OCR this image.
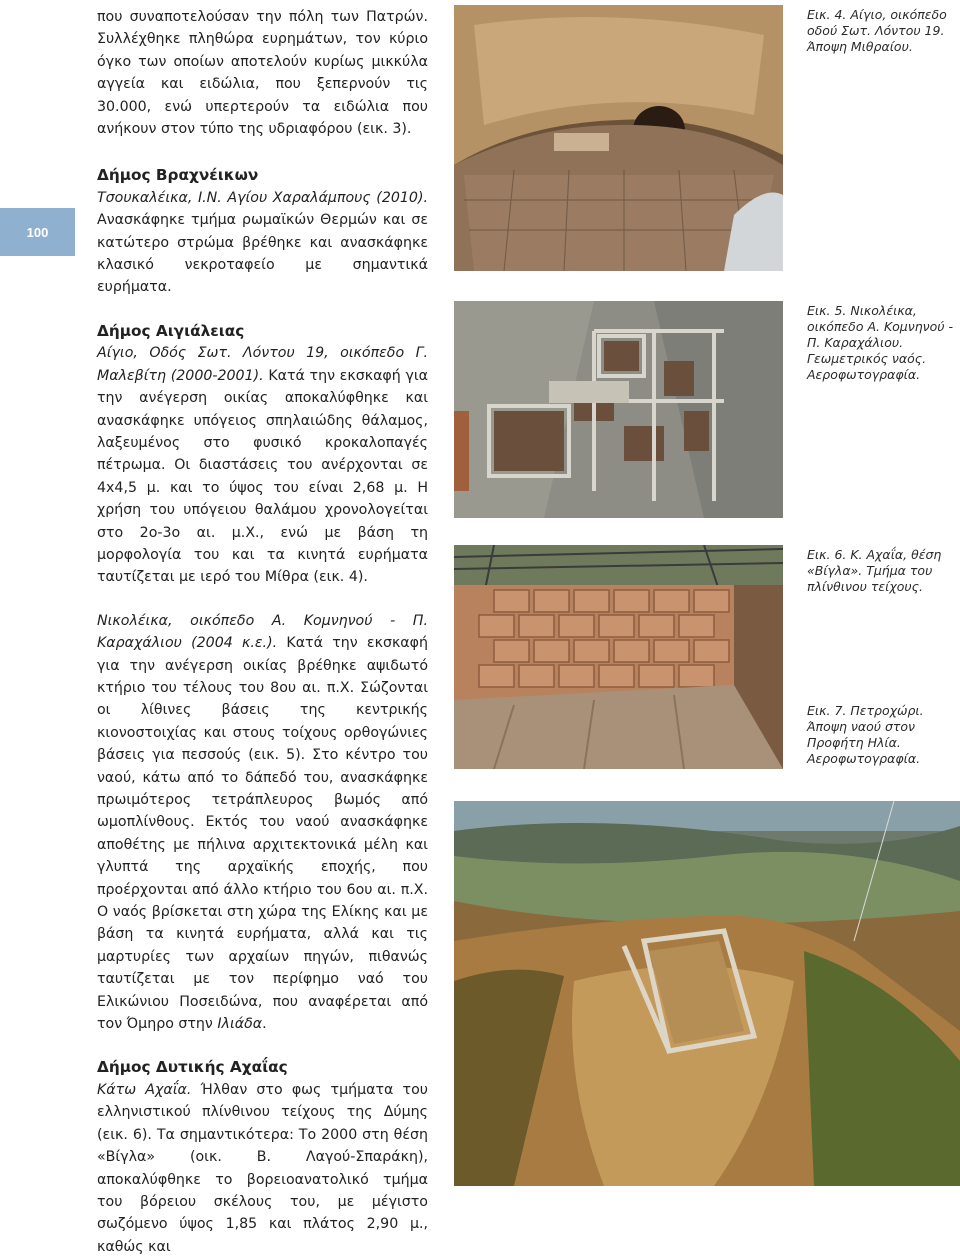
100

που συναποτελούσαν την πόλη των Πατρών. Συλλέχθηκε πληθώρα ευρημάτων, τον κύριο όγκο των οποίων αποτελούν κυρίως μικκύλα αγγεία και ειδώλια, που ξεπερνούν τις 30.000, ενώ υπερτερούν τα ειδώλια που ανήκουν στον τύπο της υδριαφόρου (εικ. 3).

Δήμος Βραχνέικων

Τσουκαλέικα, Ι.Ν. Αγίου Χαραλάμπους (2010). Ανασκάφηκε τμήμα ρωμαϊκών Θερμών και σε κατώτερο στρώμα βρέθηκε και ανασκάφηκε κλασικό νεκροταφείο με σημαντικά ευρήματα.

Δήμος Αιγιάλειας

Αίγιο, Οδός Σωτ. Λόντου 19, οικόπεδο Γ. Μαλεβίτη (2000-2001). Κατά την εκσκαφή για την ανέγερση οικίας αποκαλύφθηκε και ανασκάφηκε υπόγειος σπηλαιώδης θάλαμος, λαξευμένος στο φυσικό κροκαλοπαγές πέτρωμα. Οι διαστάσεις του ανέρχονται σε 4x4,5 μ. και το ύψος του είναι 2,68 μ. Η χρήση του υπόγειου θαλάμου χρονολογείται στο 2ο-3ο αι. μ.Χ., ενώ με βάση τη μορφολογία του και τα κινητά ευρήματα ταυτίζεται με ιερό του Μίθρα (εικ. 4).

Νικολέικα, οικόπεδο Α. Κομνηνού - Π. Καραχάλιου (2004 κ.ε.). Κατά την εκσκαφή για την ανέγερση οικίας βρέθηκε αψιδωτό κτήριο του τέλους του 8ου αι. π.Χ. Σώζονται οι λίθινες βάσεις της κεντρικής κιονοστοιχίας και στους τοίχους ορθογώνιες βάσεις για πεσσούς (εικ. 5). Στο κέντρο του ναού, κάτω από το δάπεδό του, ανασκάφηκε πρωιμότερος τετράπλευρος βωμός από ωμοπλίνθους. Εκτός του ναού ανασκάφηκε αποθέτης με πήλινα αρχιτεκτονικά μέλη και γλυπτά της αρχαϊκής εποχής, που προέρχονται από άλλο κτήριο του 6ου αι. π.Χ. Ο ναός βρίσκεται στη χώρα της Ελίκης και με βάση τα κινητά ευρήματα, αλλά και τις μαρτυρίες των αρχαίων πηγών, πιθανώς ταυτίζεται με τον περίφημο ναό του Ελικώνιου Ποσειδώνα, που αναφέρεται από τον Όμηρο στην Ιλιάδα.

Δήμος Δυτικής Αχαΐας

Κάτω Αχαΐα. Ήλθαν στο φως τμήματα του ελληνιστικού πλίνθινου τείχους της Δύμης (εικ. 6). Τα σημαντικότερα: Το 2000 στη θέση «Βίγλα» (οικ. Β. Λαγού-Σπαράκη), αποκαλύφθηκε το βορειοανατολικό τμήμα του βόρειου σκέλους του, με μέγιστο σωζόμενο ύψος 1,85 και πλάτος 2,90 μ., καθώς και

Εικ. 4. Αίγιο, οικόπεδο οδού Σωτ. Λόντου 19. Άποψη Μιθραίου.
Εικ. 5. Νικολέικα, οικόπεδο Α. Κομνηνού - Π. Καραχάλιου. Γεωμετρικός ναός. Αεροφωτογραφία.
Εικ. 6. Κ. Αχαΐα, θέση «Βίγλα». Τμήμα του πλίνθινου τείχους.
Εικ. 7. Πετροχώρι. Άποψη ναού στον Προφήτη Ηλία. Αεροφωτογραφία.
